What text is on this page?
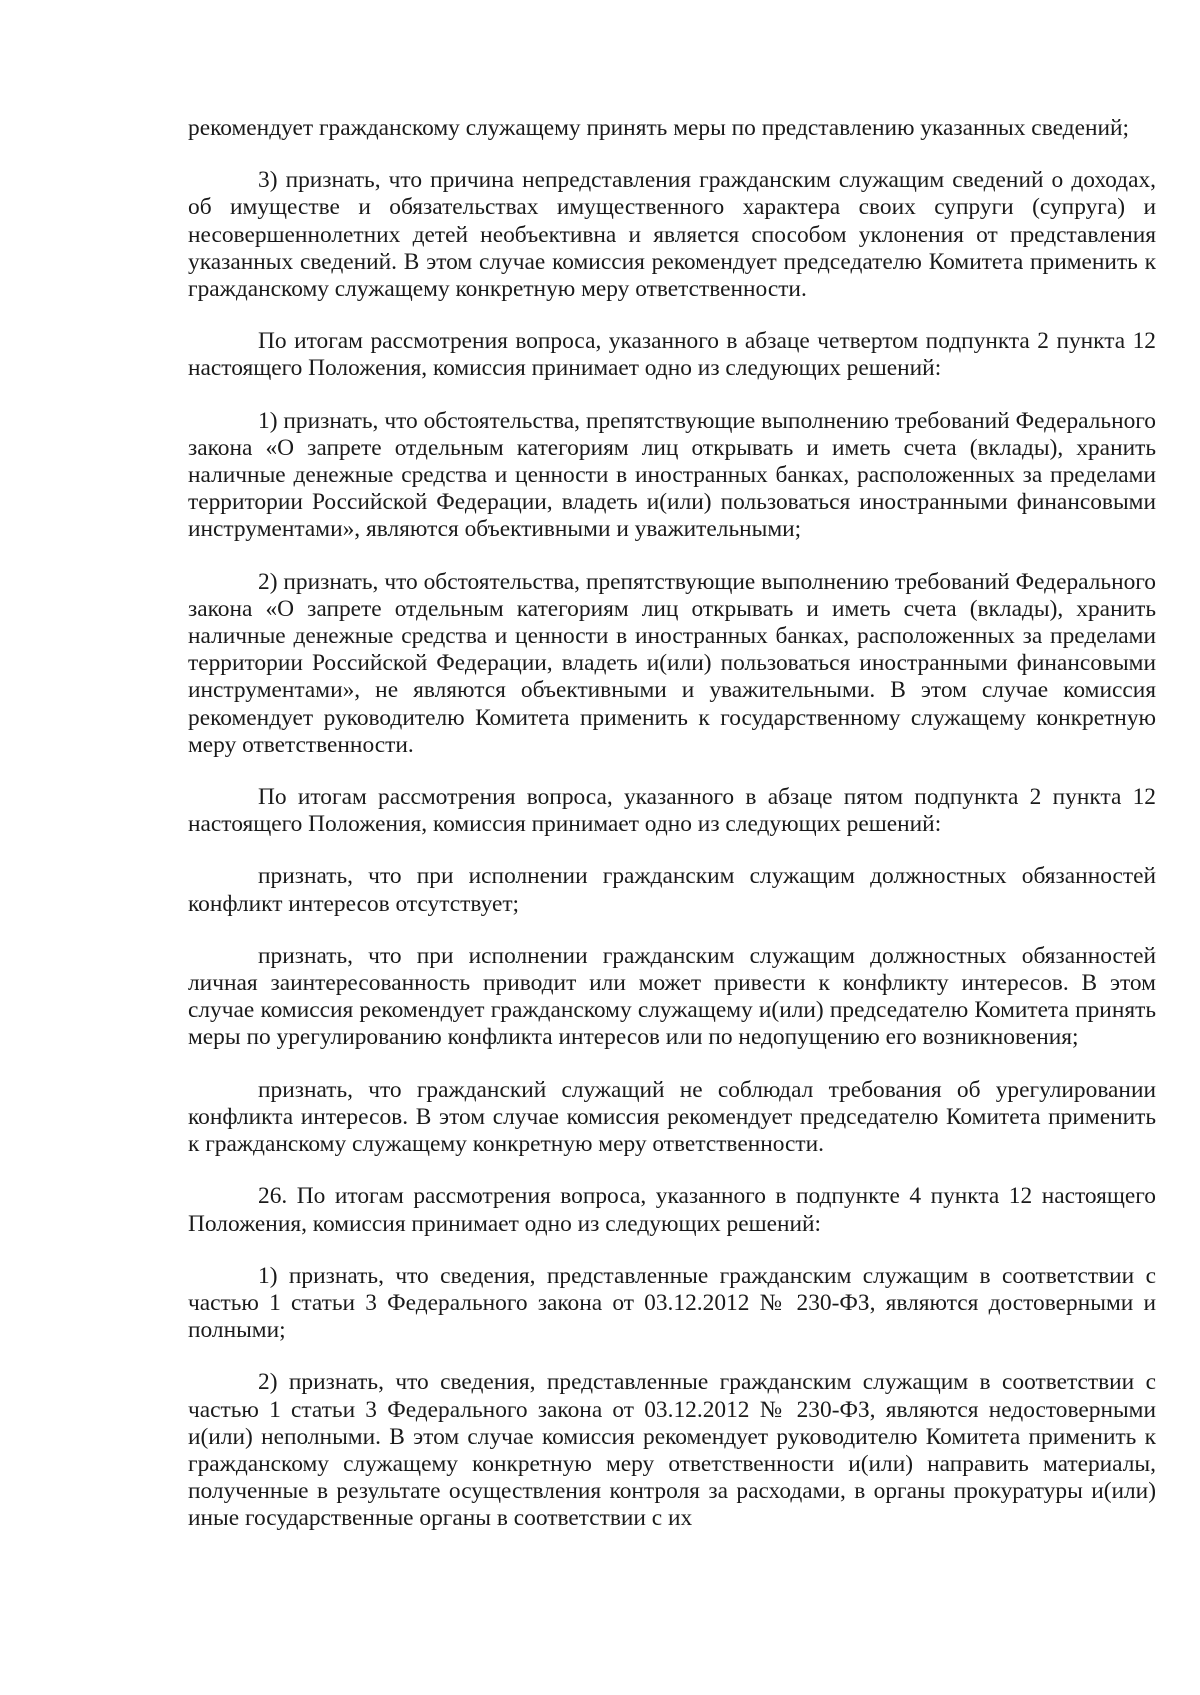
рекомендует гражданскому служащему принять меры по представлению указанных сведений;

3) признать, что причина непредставления гражданским служащим сведений о доходах, об имуществе и обязательствах имущественного характера своих супруги (супруга) и несовершеннолетних детей необъективна и является способом уклонения от представления указанных сведений. В этом случае комиссия рекомендует председателю Комитета применить к гражданскому служащему конкретную меру ответственности.

По итогам рассмотрения вопроса, указанного в абзаце четвертом подпункта 2 пункта 12 настоящего Положения, комиссия принимает одно из следующих решений:

1) признать, что обстоятельства, препятствующие выполнению требований Федерального закона «О запрете отдельным категориям лиц открывать и иметь счета (вклады), хранить наличные денежные средства и ценности в иностранных банках, расположенных за пределами территории Российской Федерации, владеть и(или) пользоваться иностранными финансовыми инструментами», являются объективными и уважительными;

2) признать, что обстоятельства, препятствующие выполнению требований Федерального закона «О запрете отдельным категориям лиц открывать и иметь счета (вклады), хранить наличные денежные средства и ценности в иностранных банках, расположенных за пределами территории Российской Федерации, владеть и(или) пользоваться иностранными финансовыми инструментами», не являются объективными и уважительными. В этом случае комиссия рекомендует руководителю Комитета применить к государственному служащему конкретную меру ответственности.

По итогам рассмотрения вопроса, указанного в абзаце пятом подпункта 2 пункта 12 настоящего Положения, комиссия принимает одно из следующих решений:

признать, что при исполнении гражданским служащим должностных обязанностей конфликт интересов отсутствует;

признать, что при исполнении гражданским служащим должностных обязанностей личная заинтересованность приводит или может привести к конфликту интересов. В этом случае комиссия рекомендует гражданскому служащему и(или) председателю Комитета принять меры по урегулированию конфликта интересов или по недопущению его возникновения;

признать, что гражданский служащий не соблюдал требования об урегулировании конфликта интересов. В этом случае комиссия рекомендует председателю Комитета применить к гражданскому служащему конкретную меру ответственности.

26. По итогам рассмотрения вопроса, указанного в подпункте 4 пункта 12 настоящего Положения, комиссия принимает одно из следующих решений:

1) признать, что сведения, представленные гражданским служащим в соответствии с частью 1 статьи 3 Федерального закона от 03.12.2012 № 230-ФЗ, являются достоверными и полными;

2) признать, что сведения, представленные гражданским служащим в соответствии с частью 1 статьи 3 Федерального закона от 03.12.2012 № 230-ФЗ, являются недостоверными и(или) неполными. В этом случае комиссия рекомендует руководителю Комитета применить к гражданскому служащему конкретную меру ответственности и(или) направить материалы, полученные в результате осуществления контроля за расходами, в органы прокуратуры и(или) иные государственные органы в соответствии с их
